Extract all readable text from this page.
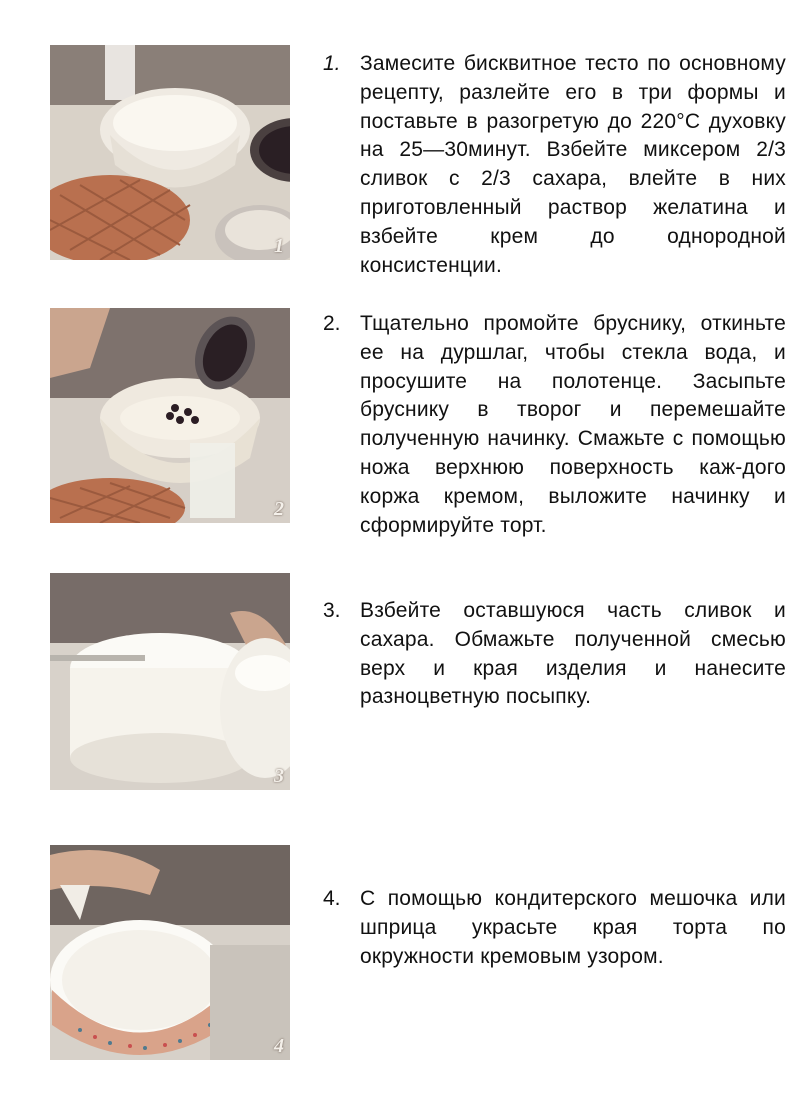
1
1. Замесите бисквитное тесто по основному рецепту, разлейте его в три формы и поставьте в разогретую до 220°С духовку на 25—30минут. Взбейте миксером 2/3 сливок с 2/3 сахара, влейте в них приготовленный раствор желатина и взбейте крем до однородной консистенции.
2
2. Тщательно промойте бруснику, откиньте ее на дуршлаг, чтобы стекла вода, и просушите на полотенце. Засыпьте бруснику в творог и перемешайте полученную начинку. Смажьте с помощью ножа верхнюю поверхность каж-дого коржа кремом, выложите начинку и сформируйте торт.
3
3. Взбейте оставшуюся часть сливок и сахара. Обмажьте полученной смесью верх и края изделия и нанесите разноцветную посыпку.
4
4. С помощью кондитерского мешочка или шприца украсьте края торта по окружности кремовым узором.
